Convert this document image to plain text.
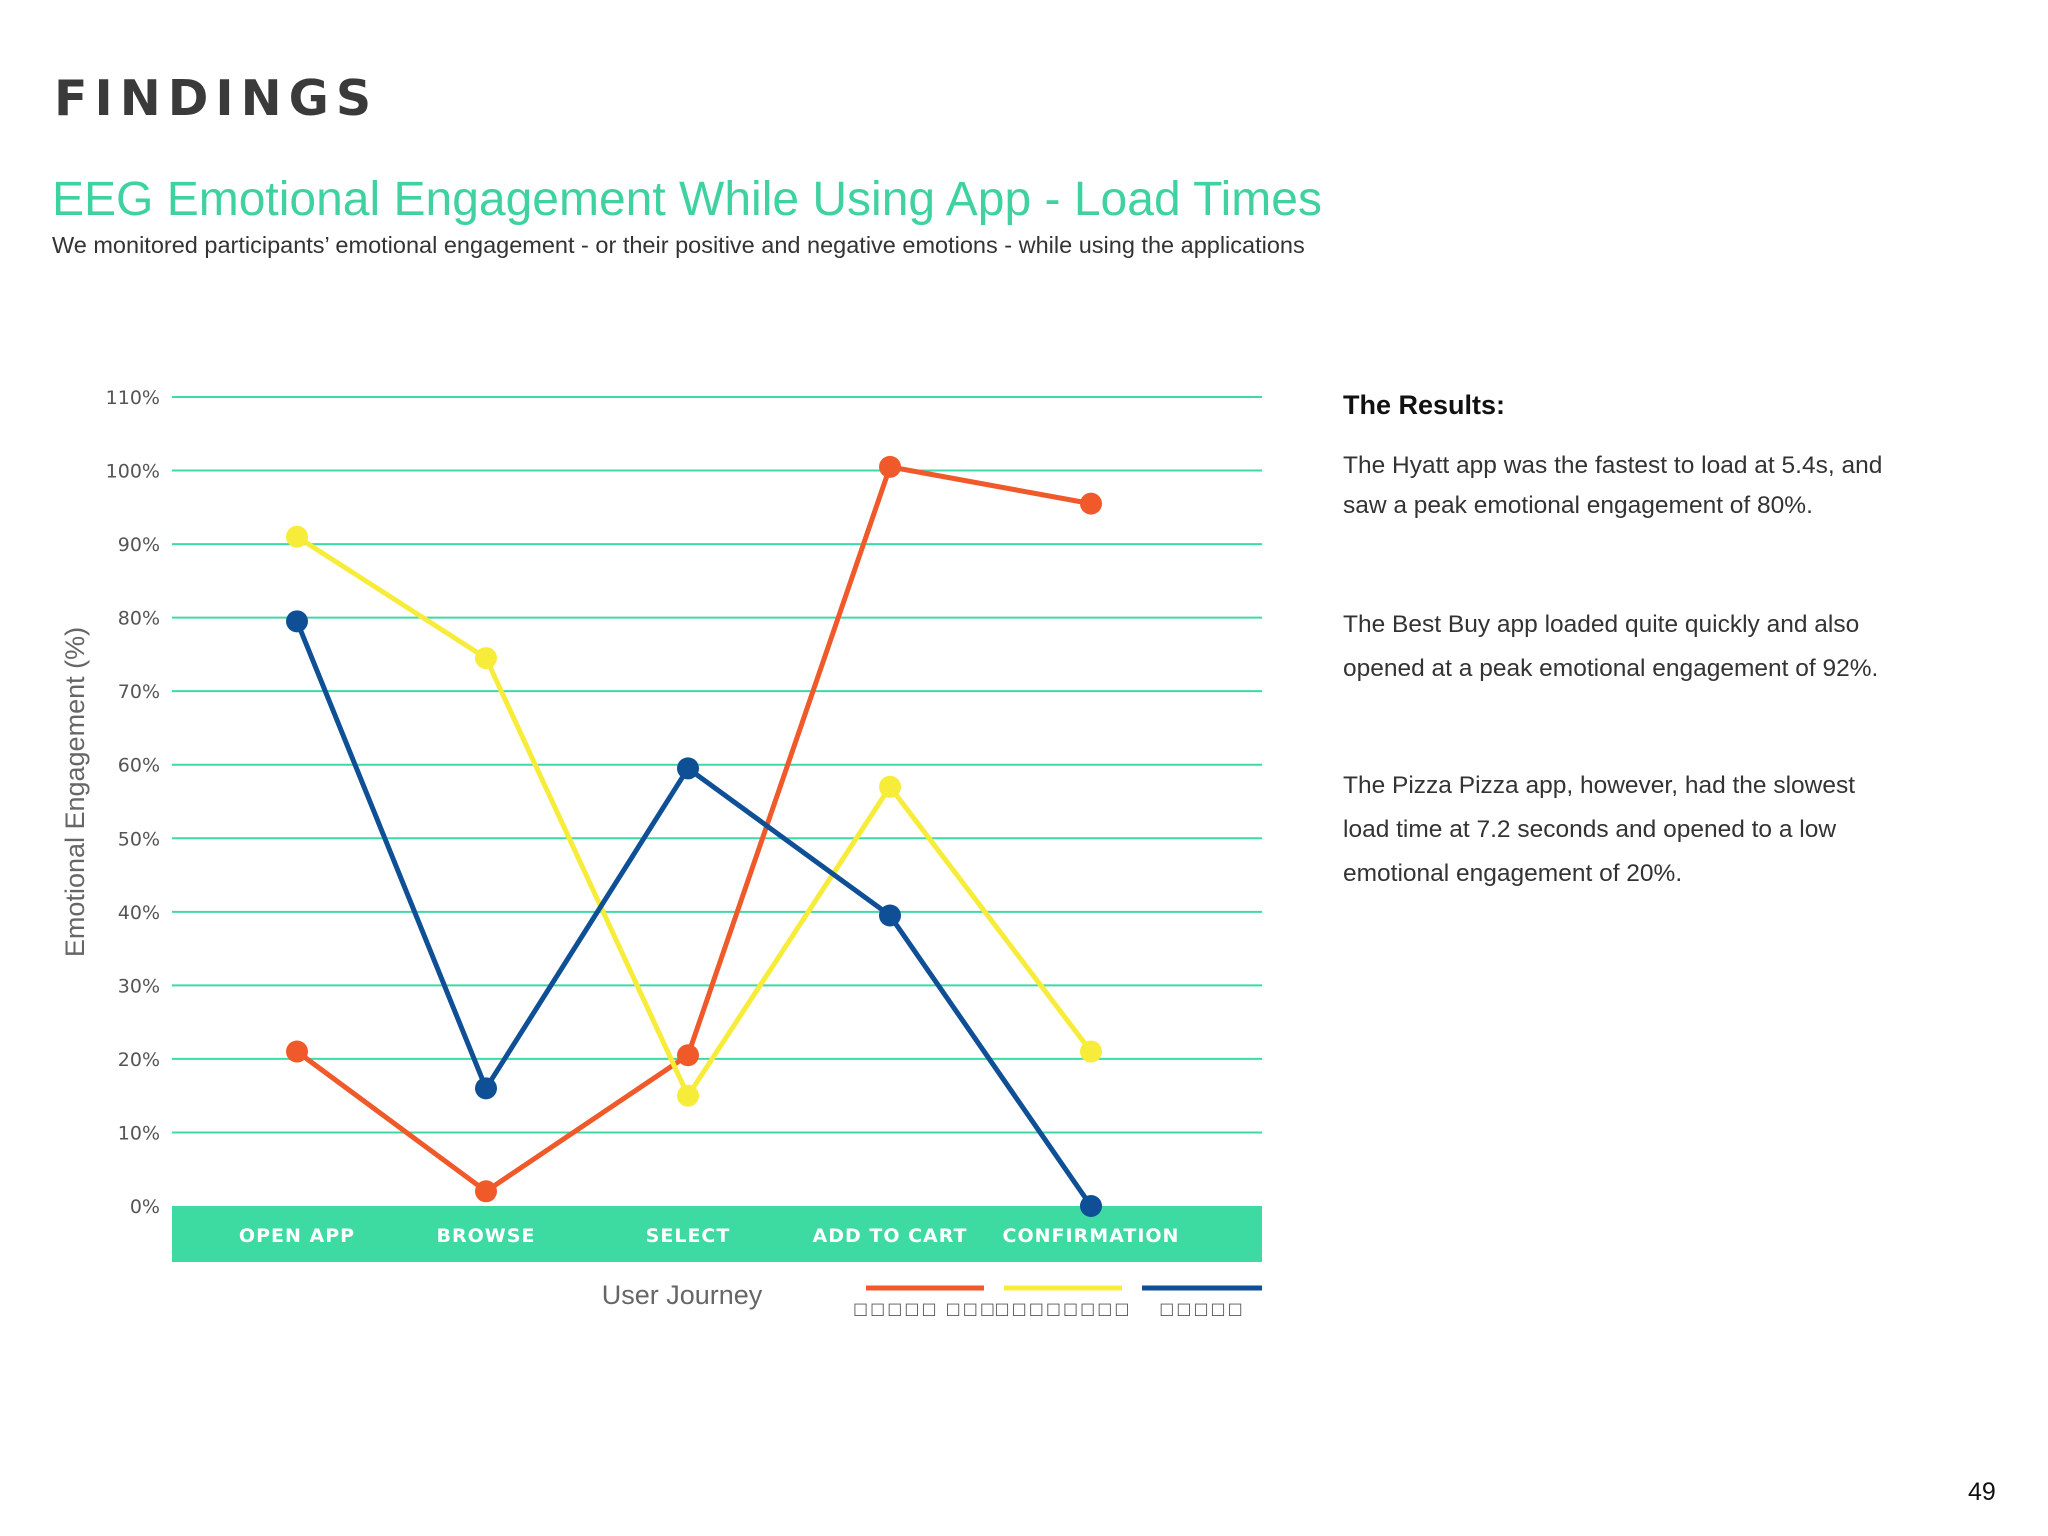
FINDINGS
EEG Emotional Engagement While Using App - Load Times
We monitored participants’ emotional engagement - or their positive and negative emotions - while using the applications
0%
10%
20%
30%
40%
50%
60%
70%
80%
90%
100%
110%
OPEN APP	BROWSE	SELECT	ADD TO CART CONFIRMATION
Emotional Engagement (%)
User Journey	□□□□□ □□□
□□□□□□□□ □□□□□
The Results:
The Hyatt app was the fastest to load at 5.4s, and saw a peak emotional engagement of 80%.
The Best Buy app loaded quite quickly and also opened at a peak emotional engagement of 92%.
The Pizza Pizza app, however, had the slowest load time at 7.2 seconds and opened to a low emotional engagement of 20%.
49
